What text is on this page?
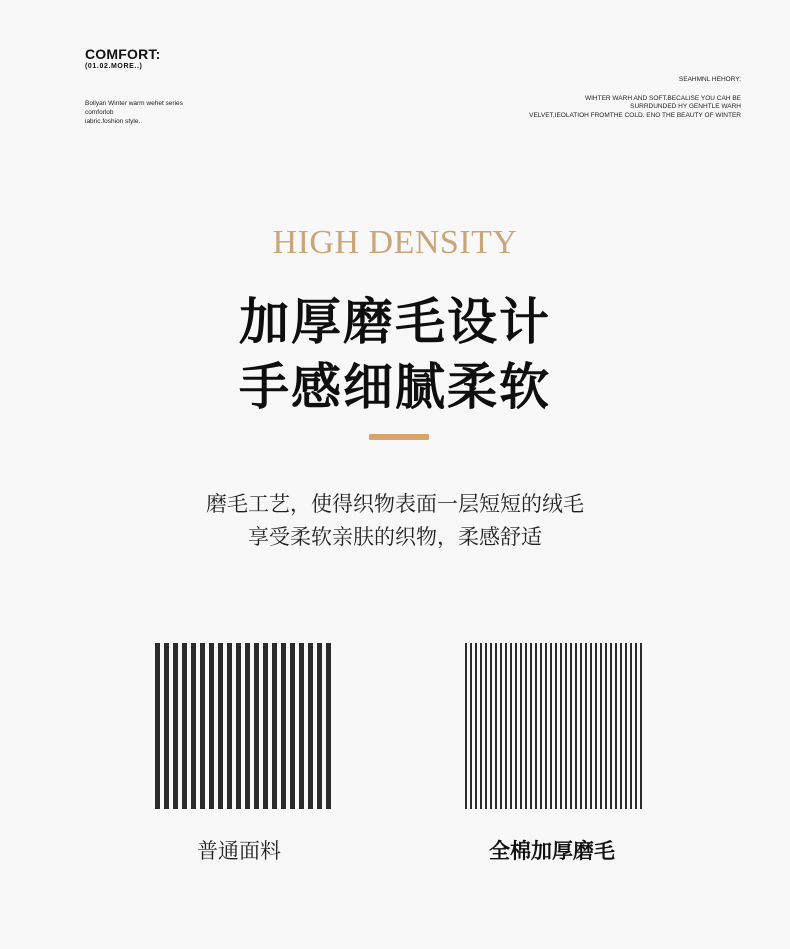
COMFORT:
(01.02.MORE..)
Bollyan Winter warm wehet series
comforlob
iabric.foshion style.
SEAHMNL HEHORY;
WIHTER WARH AND SOFT.BECALISE YOU CAH BE
SURRDUNDED HY GENHTLE WARH
VELVET,IEOLATIOH FROMTHE COLD. ENO THE BEAUTY OF WINTER
HIGH DENSITY
加厚磨毛设计
手感细腻柔软
磨毛工艺，使得织物表面一层短短的绒毛
享受柔软亲肤的织物，柔感舒适
普通面料	全棉加厚磨毛
